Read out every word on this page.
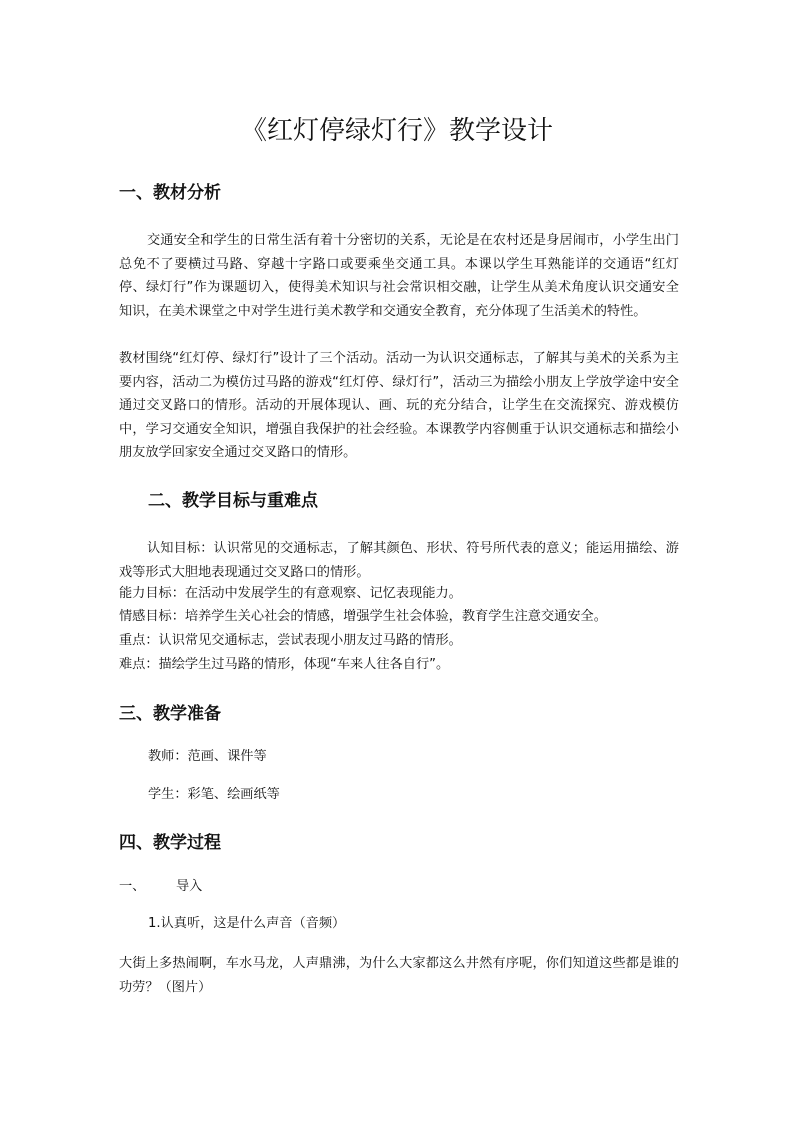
《红灯停绿灯行》教学设计
一、教材分析

交通安全和学生的日常生活有着十分密切的关系，无论是在农村还是身居闹市，小学生出门总免不了要横过马路、穿越十字路口或要乘坐交通工具。本课以学生耳熟能详的交通语“红灯停、绿灯行”作为课题切入，使得美术知识与社会常识相交融，让学生从美术角度认识交通安全知识，在美术课堂之中对学生进行美术教学和交通安全教育，充分体现了生活美术的特性。

教材围绕“红灯停、绿灯行”设计了三个活动。活动一为认识交通标志，了解其与美术的关系为主要内容，活动二为模仿过马路的游戏“红灯停、绿灯行”，活动三为描绘小朋友上学放学途中安全通过交叉路口的情形。活动的开展体现认、画、玩的充分结合，让学生在交流探究、游戏模仿中，学习交通安全知识，增强自我保护的社会经验。本课教学内容侧重于认识交通标志和描绘小朋友放学回家安全通过交叉路口的情形。

二、教学目标与重难点

认知目标：认识常见的交通标志，了解其颜色、形状、符号所代表的意义；能运用描绘、游戏等形式大胆地表现通过交叉路口的情形。

能力目标：在活动中发展学生的有意观察、记忆表现能力。

情感目标：培养学生关心社会的情感，增强学生社会体验，教育学生注意交通安全。

重点：认识常见交通标志，尝试表现小朋友过马路的情形。

难点：描绘学生过马路的情形，体现“车来人往各自行”。

三、教学准备

教师：范画、课件等

学生：彩笔、绘画纸等

四、教学过程

一、 导入

1.认真听，这是什么声音（音频）

大街上多热闹啊，车水马龙，人声鼎沸，为什么大家都这么井然有序呢，你们知道这些都是谁的功劳？（图片）
